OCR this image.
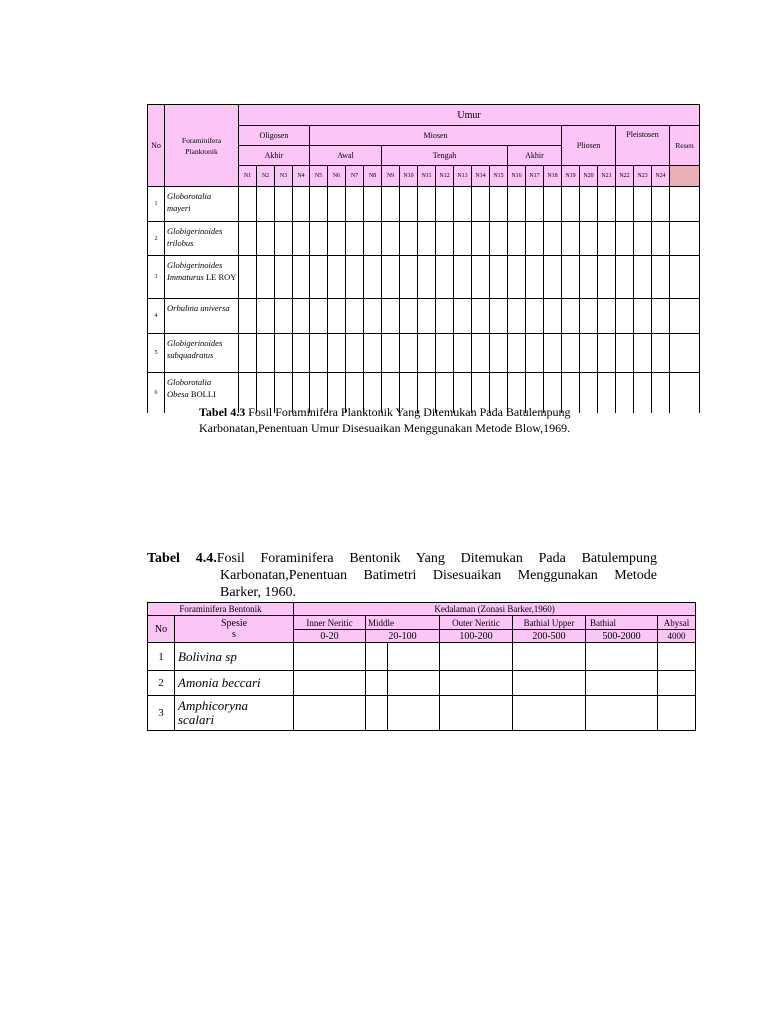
No	Foraminifera Planktonik	Umur																								
		Oligosen				Miosen														Pliosen			Pleistosen			Resen
		Akhir				Awal				Tengah							Akhir									
		N1	N2	N3	N4	N5	N6	N7	N8	N9	N10	N11	N12	N13	N14	N15	N16	N17	N18	N19	N20	N21	N22	N23	N24	
1	Globorotalia
mayeri																									
2	Globigerinoides
trilobus																									
3	Globigerinoides
Immaturus LE ROY																									
4	Orbulina universa

5	Globigerinoides
subquadratus																									
6	Globorotalia
Obesa BOLLI																									
Tabel 4.3 Fosil Foraminifera Planktonik Yang Ditemukan Pada Batulempung Karbonatan,Penentuan Umur Disesuaikan Menggunakan Metode Blow,1969.
Tabel 4.4.Fosil Foraminifera Bentonik Yang Ditemukan Pada Batulempung
Karbonatan,Penentuan Batimetri Disesuaikan Menggunakan Metode
Barker, 1960.
Foraminifera Bentonik		Kedalaman (Zonasi Barker,1960)						
No	Spesie s	Inner Neritic	Middle		Outer Neritic	Bathial Upper	Bathial	Abysal
		0-20	20-100		100-200	200-500	500-2000	4000
1	Bolivina sp							
2	Amonia beccari							
3	Amphicoryna scalari							
